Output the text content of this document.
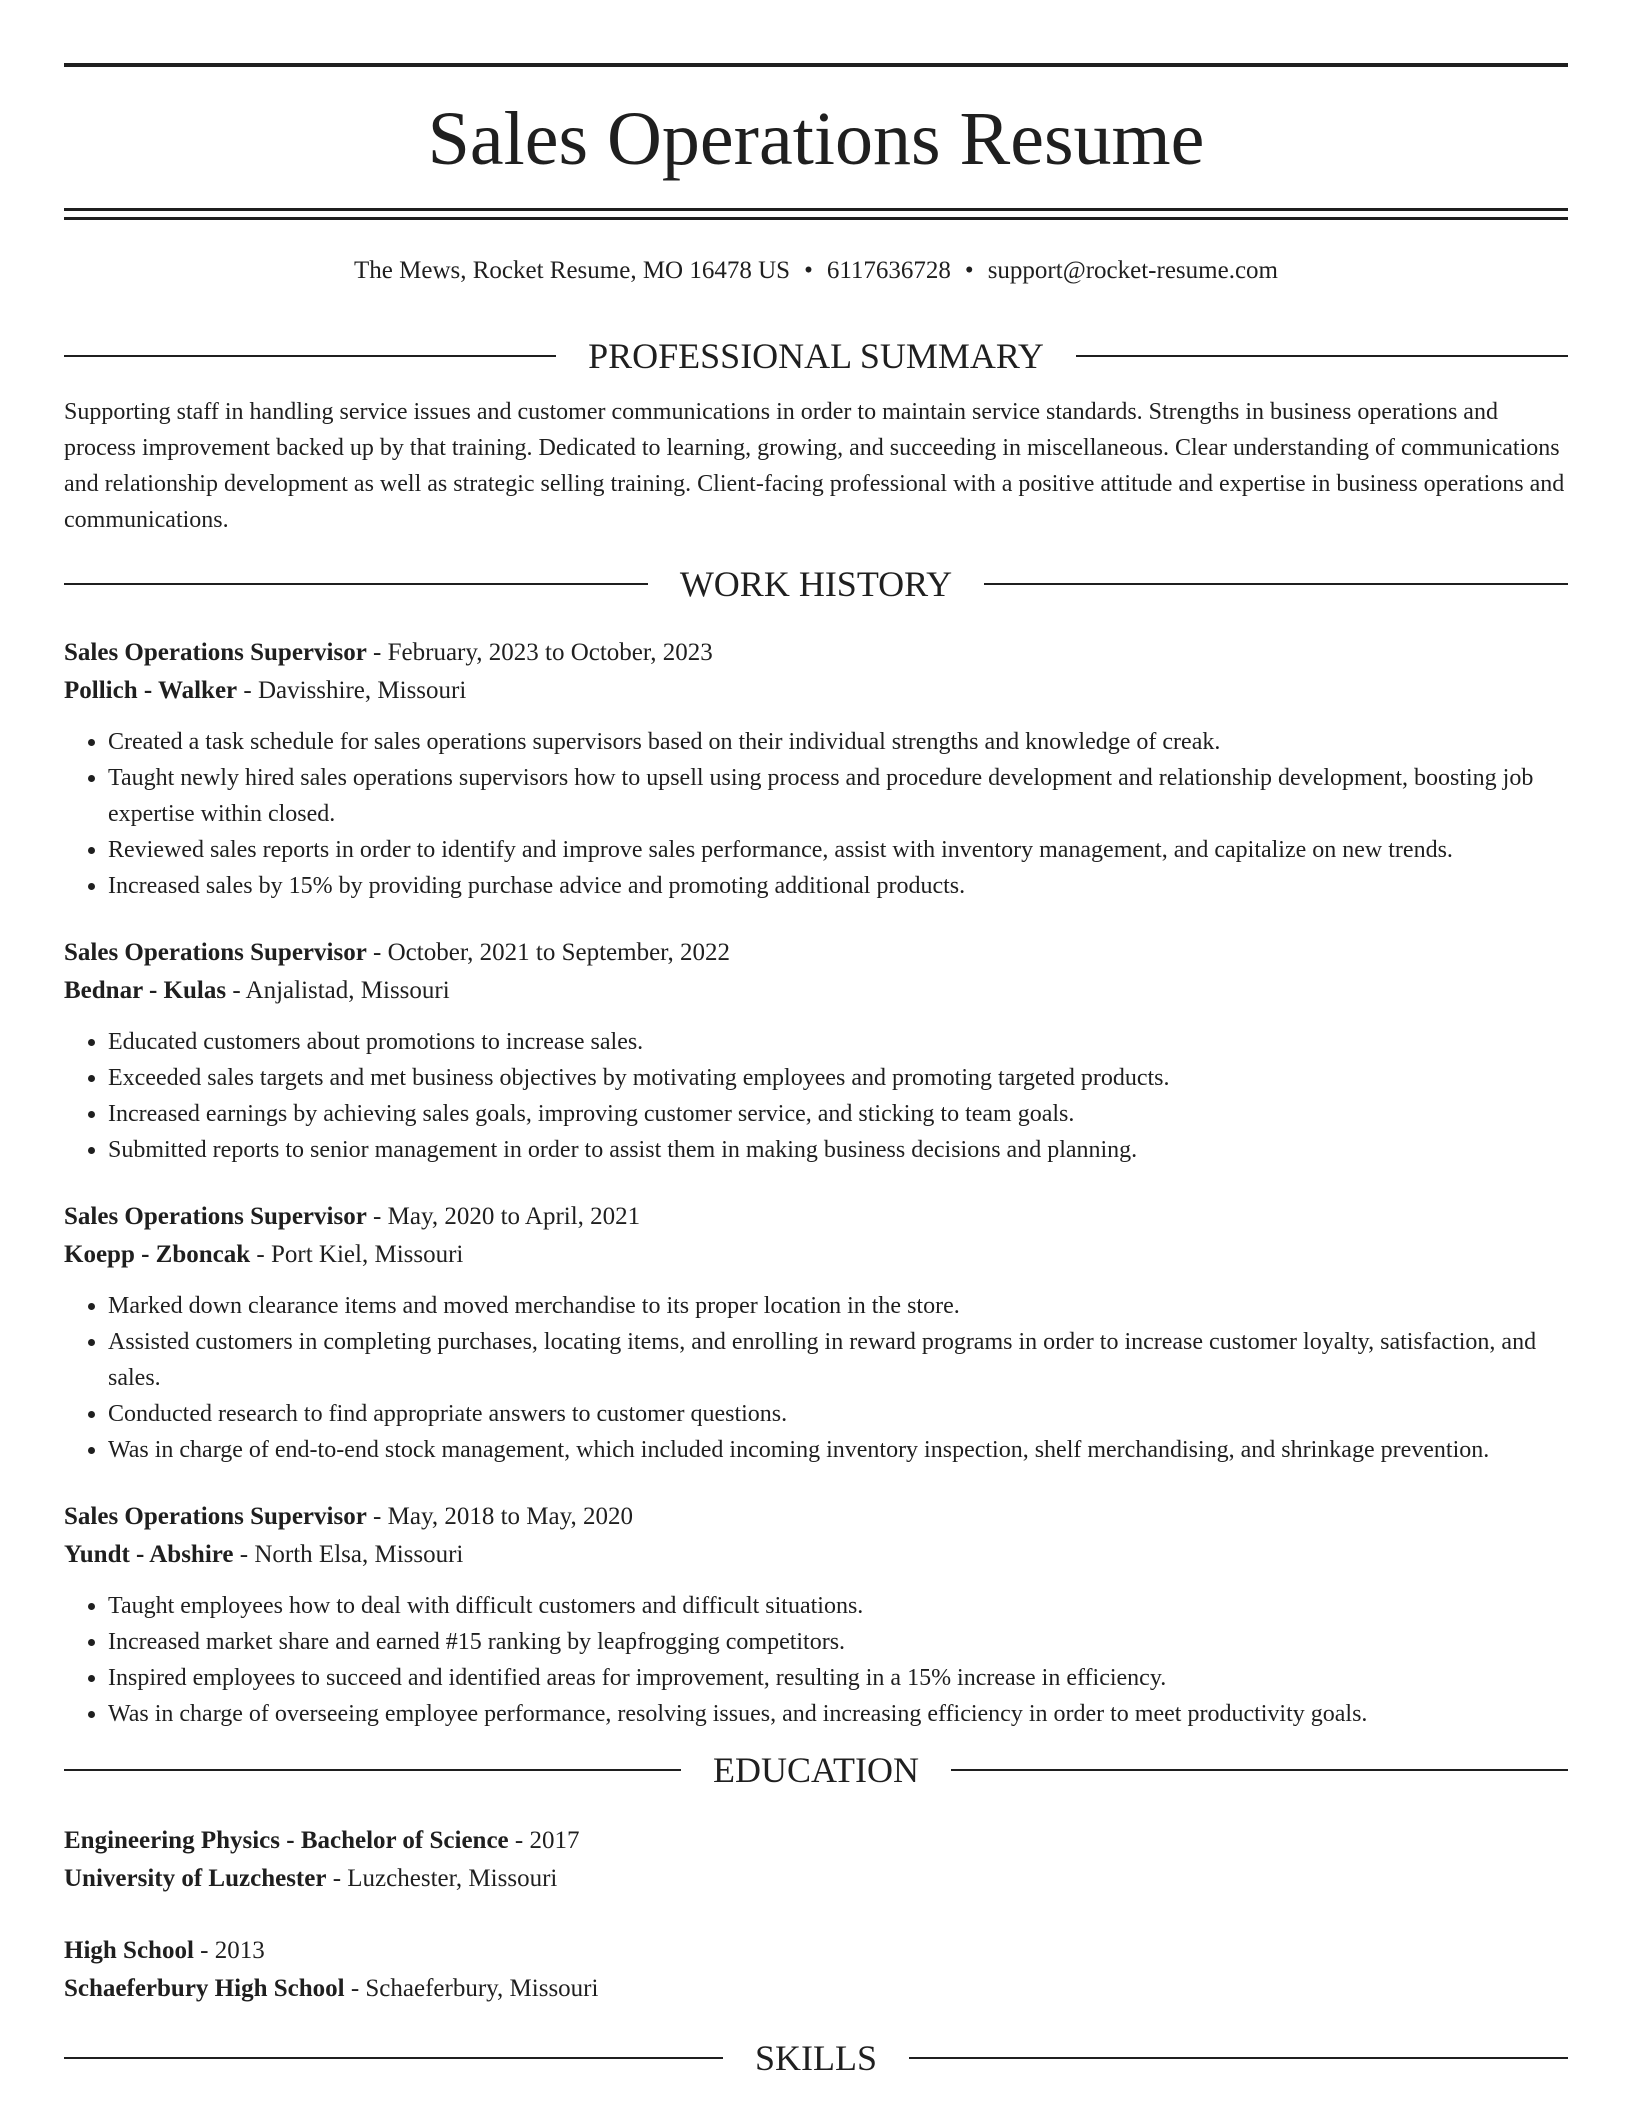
Sales Operations Resume
The Mews, Rocket Resume, MO 16478 US • 6117636728 • support@rocket-resume.com
PROFESSIONAL SUMMARY

Supporting staff in handling service issues and customer communications in order to maintain service standards. Strengths in business operations and process improvement backed up by that training. Dedicated to learning, growing, and succeeding in miscellaneous. Clear understanding of communications and relationship development as well as strategic selling training. Client-facing professional with a positive attitude and expertise in business operations and communications.

WORK HISTORY

Sales Operations Supervisor - February, 2023 to October, 2023

Pollich - Walker - Davisshire, Missouri

• Created a task schedule for sales operations supervisors based on their individual strengths and knowledge of creak.
• Taught newly hired sales operations supervisors how to upsell using process and procedure development and relationship development, boosting job expertise within closed.
• Reviewed sales reports in order to identify and improve sales performance, assist with inventory management, and capitalize on new trends.
• Increased sales by 15% by providing purchase advice and promoting additional products.

Sales Operations Supervisor - October, 2021 to September, 2022

Bednar - Kulas - Anjalistad, Missouri

• Educated customers about promotions to increase sales.
• Exceeded sales targets and met business objectives by motivating employees and promoting targeted products.
• Increased earnings by achieving sales goals, improving customer service, and sticking to team goals.
• Submitted reports to senior management in order to assist them in making business decisions and planning.

Sales Operations Supervisor - May, 2020 to April, 2021

Koepp - Zboncak - Port Kiel, Missouri

• Marked down clearance items and moved merchandise to its proper location in the store.
• Assisted customers in completing purchases, locating items, and enrolling in reward programs in order to increase customer loyalty, satisfaction, and sales.
• Conducted research to find appropriate answers to customer questions.
• Was in charge of end-to-end stock management, which included incoming inventory inspection, shelf merchandising, and shrinkage prevention.

Sales Operations Supervisor - May, 2018 to May, 2020

Yundt - Abshire - North Elsa, Missouri

• Taught employees how to deal with difficult customers and difficult situations.
• Increased market share and earned #15 ranking by leapfrogging competitors.
• Inspired employees to succeed and identified areas for improvement, resulting in a 15% increase in efficiency.
• Was in charge of overseeing employee performance, resolving issues, and increasing efficiency in order to meet productivity goals.
EDUCATION

Engineering Physics - Bachelor of Science - 2017

University of Luzchester - Luzchester, Missouri

High School - 2013

Schaeferbury High School - Schaeferbury, Missouri

SKILLS
